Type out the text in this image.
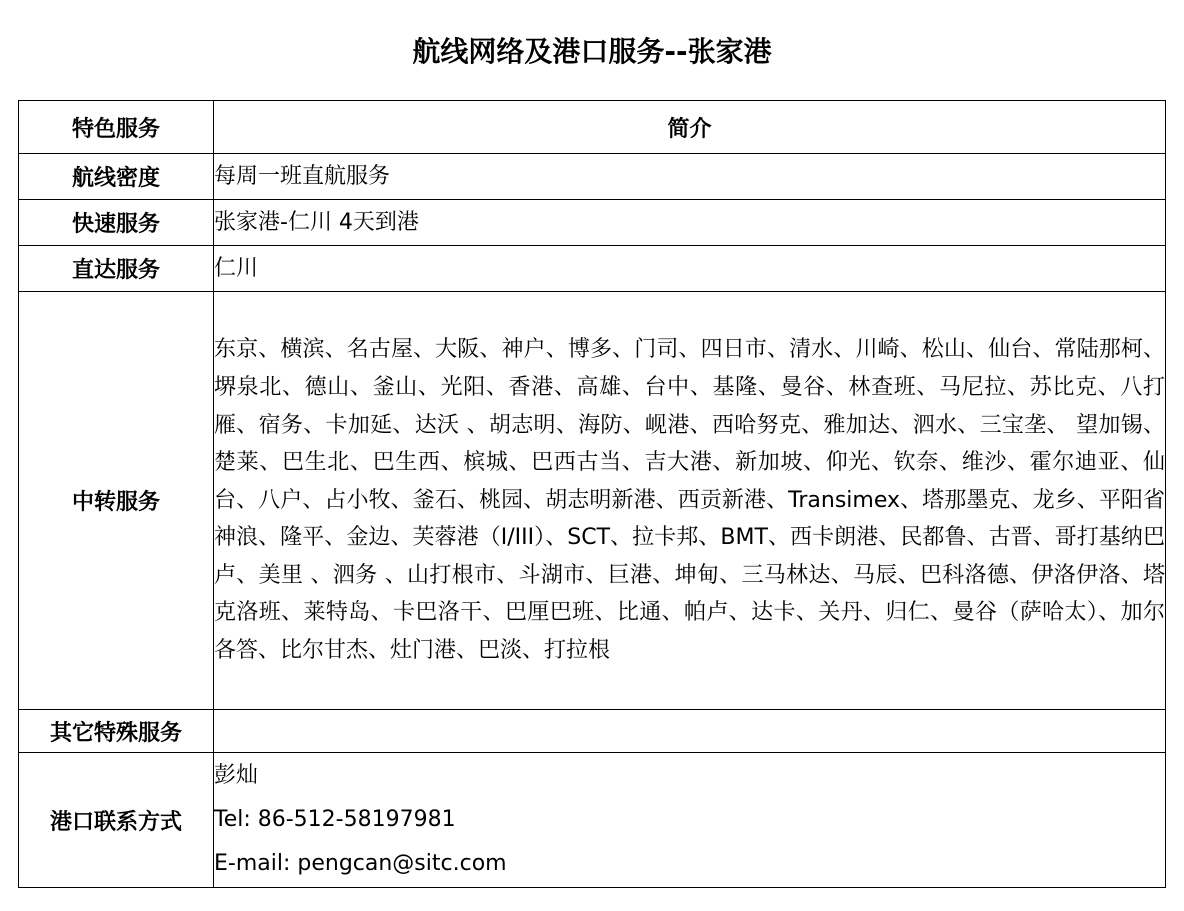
航线网络及港口服务--张家港
特色服务	简介
航线密度	每周一班直航服务
快速服务	张家港-仁川 4天到港
直达服务	仁川
中转服务	东京、横滨、名古屋、大阪、神户、博多、门司、四日市、清水、川崎、松山、仙台、常陆那柯、堺泉北、德山、釜山、光阳、香港、高雄、台中、基隆、曼谷、林查班、马尼拉、苏比克、八打雁、宿务、卡加延、达沃 、胡志明、海防、岘港、西哈努克、雅加达、泗水、三宝垄、 望加锡、楚莱、巴生北、巴生西、槟城、巴西古当、吉大港、新加坡、仰光、钦奈、维沙、霍尔迪亚、仙台、八户、占小牧、釜石、桃园、胡志明新港、西贡新港、Transimex、塔那墨克、龙乡、平阳省神浪、隆平、金边、芙蓉港（I/III）、SCT、拉卡邦、BMT、西卡朗港、民都鲁、古晋、哥打基纳巴卢、美里 、泗务 、山打根市、斗湖市、巨港、坤甸、三马林达、马辰、巴科洛德、伊洛伊洛、塔克洛班、莱特岛、卡巴洛干、巴厘巴班、比通、帕卢、达卡、关丹、归仁、曼谷（萨哈太）、加尔各答、比尔甘杰、灶门港、巴淡、打拉根
其它特殊服务	
港口联系方式	彭灿
Tel: 86-512-58197981
E-mail: pengcan@sitc.com
